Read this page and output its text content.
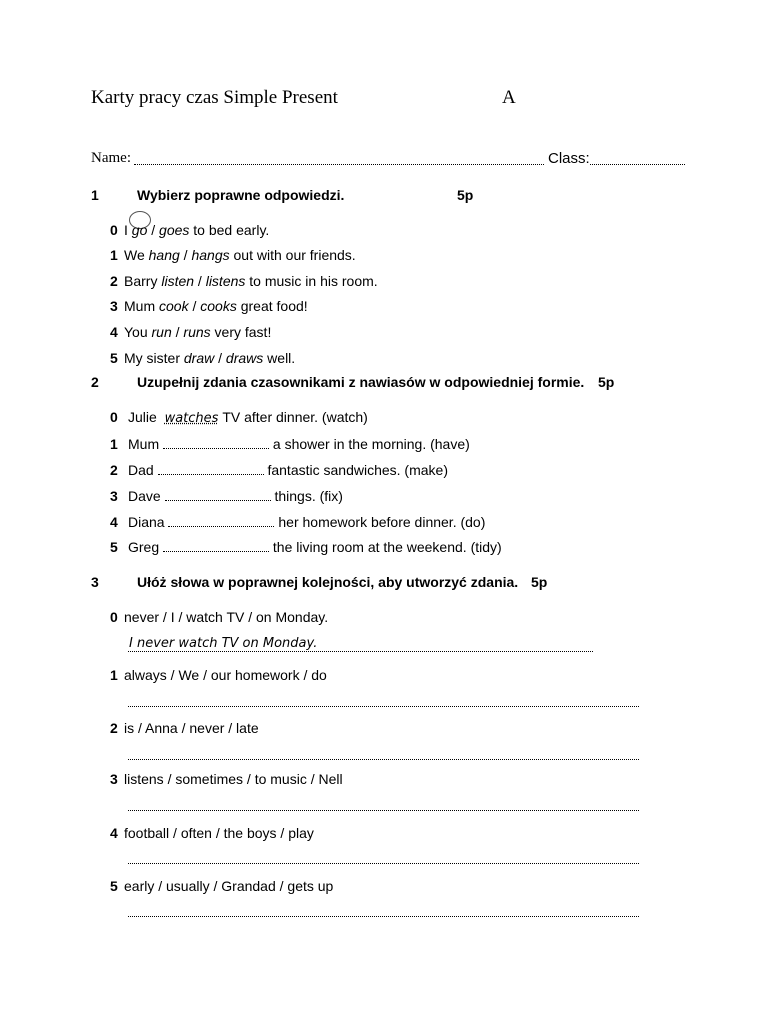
Karty pracy czas Simple Present	A
Name:	Class:
1	Wybierz poprawne odpowiedzi.	5p
0 I go / goes to bed early.
1 We hang / hangs out with our friends.
2 Barry listen / listens to music in his room.
3 Mum cook / cooks great food!
4 You run / runs very fast!
5 My sister draw / draws well.
2	Uzupełnij zdania czasownikami z nawiasów w odpowiedniej formie. 5p
0 Julie watches TV after dinner. (watch)
1 Mum	a shower in the morning. (have)
2 Dad	fantastic sandwiches. (make)
3 Dave	things. (fix)
4 Diana	her homework before dinner. (do)
5 Greg	the living room at the weekend. (tidy)
3	Ułóż słowa w poprawnej kolejności, aby utworzyć zdania. 5p
0 never / I / watch TV / on Monday.
I never watch TV on Monday.
1 always / We / our homework / do
2 is / Anna / never / late
3 listens / sometimes / to music / Nell
4 football / often / the boys / play
5 early / usually / Grandad / gets up
